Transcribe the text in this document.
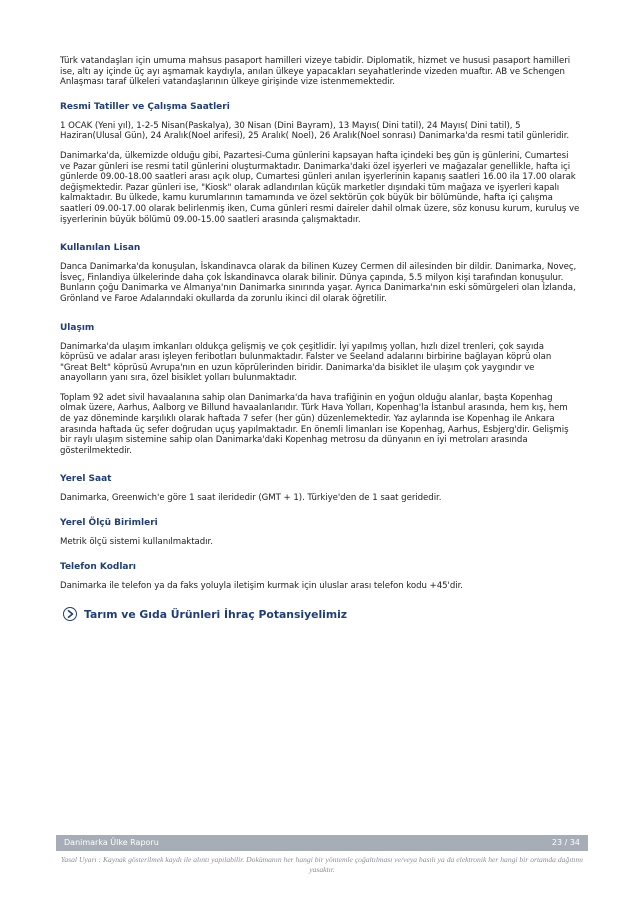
Türk vatandaşları için umuma mahsus pasaport hamilleri vizeye tabidir. Diplomatik, hizmet ve hususi pasaport hamilleri ise, altı ay içinde üç ayı aşmamak kaydıyla, anılan ülkeye yapacakları seyahatlerinde vizeden muaftır. AB ve Schengen Anlaşması taraf ülkeleri vatandaşlarının ülkeye girişinde vize istenmemektedir.

Resmi Tatiller ve Çalışma Saatleri

1 OCAK (Yeni yıl), 1-2-5 Nisan(Paskalya), 30 Nisan (Dini Bayram), 13 Mayıs( Dini tatil), 24 Mayıs( Dini tatil), 5 Haziran(Ulusal Gün), 24 Aralık(Noel arifesi), 25 Aralık( Noel), 26 Aralık(Noel sonrası) Danimarka'da resmi tatil günleridir.

Danimarka'da, ülkemizde olduğu gibi, Pazartesi-Cuma günlerini kapsayan hafta içindeki beş gün iş günlerini, Cumartesi ve Pazar günleri ise resmi tatil günlerini oluşturmaktadır. Danimarka'daki özel işyerleri ve mağazalar genellikle, hafta içi günlerde 09.00-18.00 saatleri arası açık olup, Cumartesi günleri anılan işyerlerinin kapanış saatleri 16.00 ila 17.00 olarak değişmektedir. Pazar günleri ise, "Kiosk" olarak adlandırılan küçük marketler dışındaki tüm mağaza ve işyerleri kapalı kalmaktadır. Bu ülkede, kamu kurumlarının tamamında ve özel sektörün çok büyük bir bölümünde, hafta içi çalışma saatleri 09.00-17.00 olarak belirlenmiş iken, Cuma günleri resmi daireler dahil olmak üzere, söz konusu kurum, kuruluş ve işyerlerinin büyük bölümü 09.00-15.00 saatleri arasında çalışmaktadır.

Kullanılan Lisan

Danca Danimarka'da konuşulan, İskandinavca olarak da bilinen Kuzey Cermen dil ailesinden bir dildir. Danimarka, Noveç, İsveç, Finlandiya ülkelerinde daha çok İskandinavca olarak bilinir. Dünya çapında, 5.5 milyon kişi tarafından konuşulur. Bunların çoğu Danimarka ve Almanya'nın Danimarka sınırında yaşar. Ayrıca Danimarka'nın eski sömürgeleri olan İzlanda, Grönland ve Faroe Adalarındaki okullarda da zorunlu ikinci dil olarak öğretilir.

Ulaşım

Danimarka'da ulaşım imkanları oldukça gelişmiş ve çok çeşitlidir. İyi yapılmış yollan, hızlı dizel trenleri, çok sayıda köprüsü ve adalar arası işleyen feribotları bulunmaktadır. Falster ve Seeland adalarını birbirine bağlayan köprü olan "Great Belt" köprüsü Avrupa'nın en uzun köprülerinden biridir. Danimarka'da bisiklet ile ulaşım çok yaygındır ve anayolların yanı sıra, özel bisiklet yolları bulunmaktadır.

Toplam 92 adet sivil havaalanına sahip olan Danimarka'da hava trafiğinin en yoğun olduğu alanlar, başta Kopenhag olmak üzere, Aarhus, Aalborg ve Billund havaalanlarıdır. Türk Hava Yolları, Kopenhag'la İstanbul arasında, hem kış, hem de yaz döneminde karşılıklı olarak haftada 7 sefer (her gün) düzenlemektedir. Yaz aylarında ise Kopenhag ile Ankara arasında haftada üç sefer doğrudan uçuş yapılmaktadır. En önemli limanları ise Kopenhag, Aarhus, Esbjerg'dir. Gelişmiş bir raylı ulaşım sistemine sahip olan Danimarka'daki Kopenhag metrosu da dünyanın en iyi metroları arasında gösterilmektedir.

Yerel Saat

Danimarka, Greenwich'e göre 1 saat ileridedir (GMT + 1). Türkiye'den de 1 saat geridedir.

Yerel Ölçü Birimleri

Metrik ölçü sistemi kullanılmaktadır.

Telefon Kodları

Danimarka ile telefon ya da faks yoluyla iletişim kurmak için uluslar arası telefon kodu +45'dir.

Tarım ve Gıda Ürünleri İhraç Potansiyelimiz
Danimarka Ülke Raporu	23 / 34
Yasal Uyarı : Kaynak gösterilmek kaydı ile alıntı yapılabilir. Dokümanın her hangi bir yöntemle çoğaltılması ve/veya basılı ya da elektronik her hangi bir ortamda dağıtımı yasaktır.
